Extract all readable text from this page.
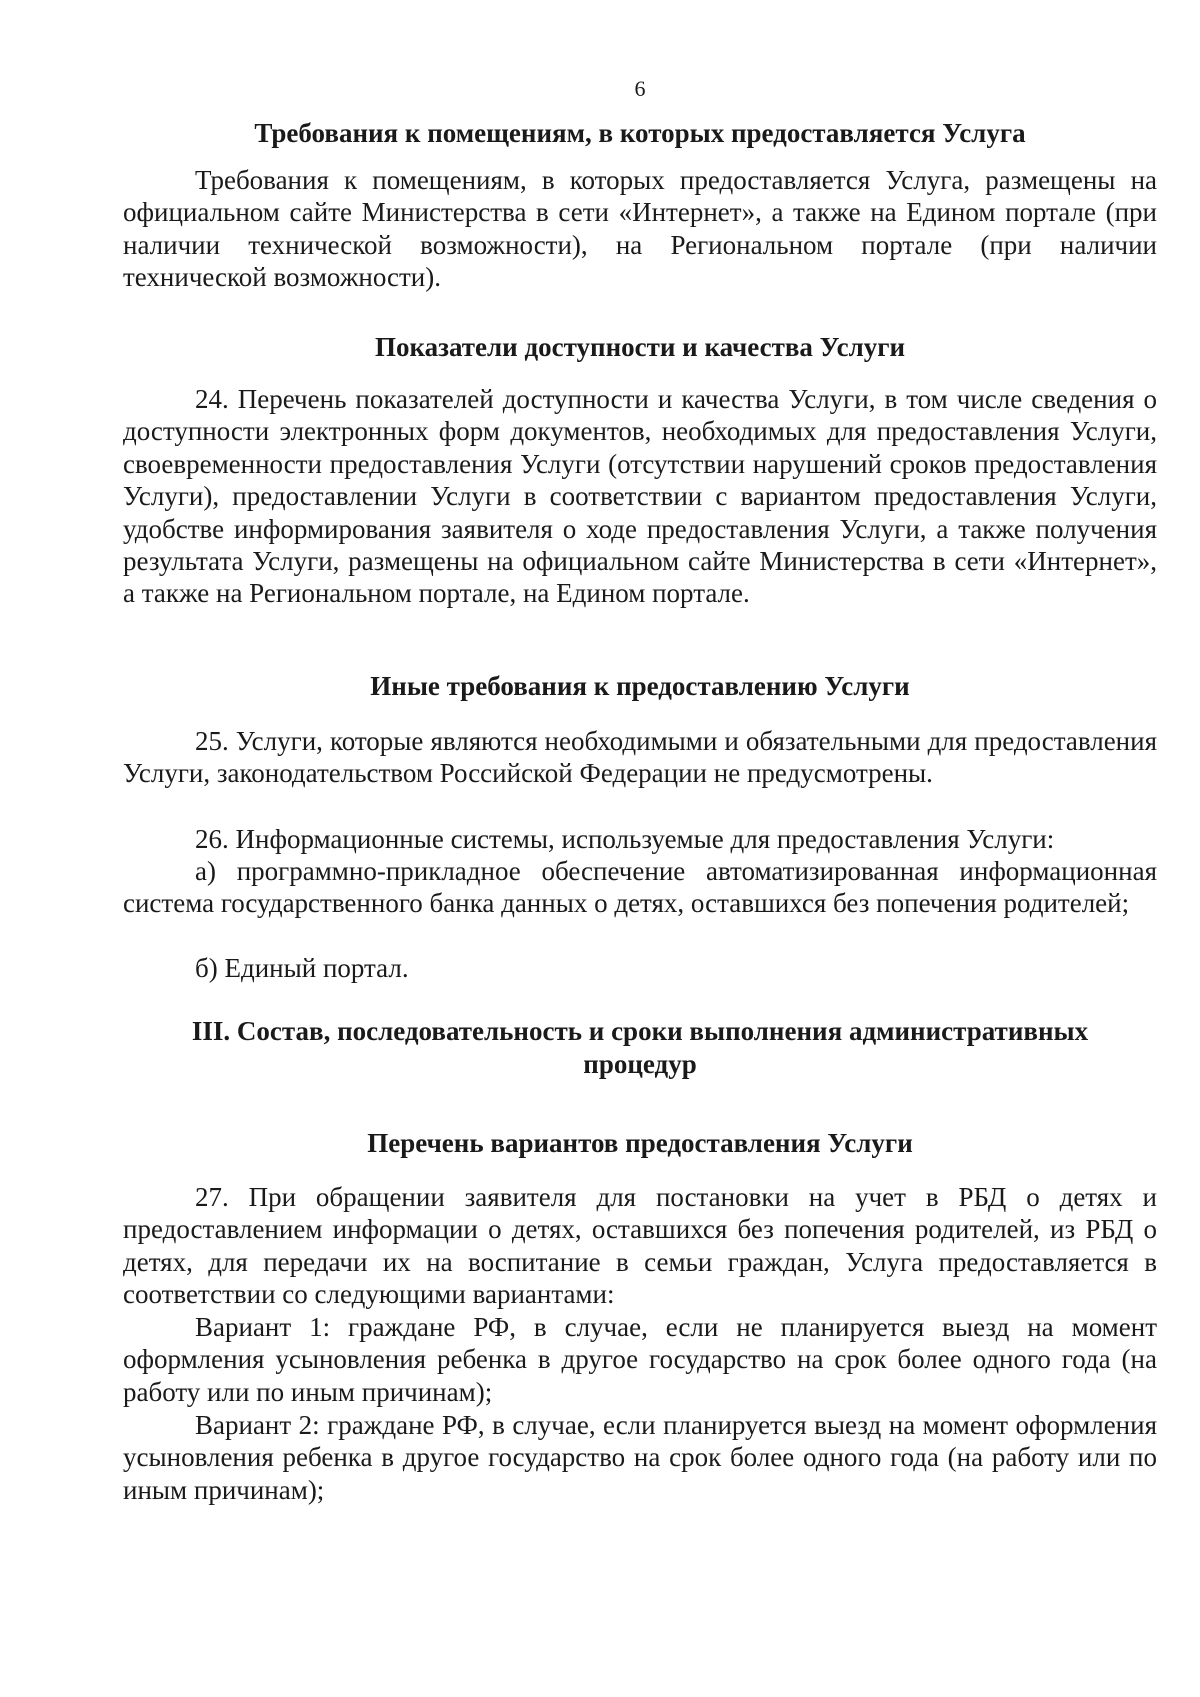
6
Требования к помещениям, в которых предоставляется Услуга

Требования к помещениям, в которых предоставляется Услуга, размещены на официальном сайте Министерства в сети «Интернет», а также на Едином портале (при наличии технической возможности), на Региональном портале (при наличии технической возможности).

Показатели доступности и качества Услуги

24. Перечень показателей доступности и качества Услуги, в том числе сведения о доступности электронных форм документов, необходимых для предоставления Услуги, своевременности предоставления Услуги (отсутствии нарушений сроков предоставления Услуги), предоставлении Услуги в соответствии с вариантом предоставления Услуги, удобстве информирования заявителя о ходе предоставления Услуги, а также получения результата Услуги, размещены на официальном сайте Министерства в сети «Интернет», а также на Региональном портале, на Едином портале.

Иные требования к предоставлению Услуги

25. Услуги, которые являются необходимыми и обязательными для предоставления Услуги, законодательством Российской Федерации не предусмотрены.

26. Информационные системы, используемые для предоставления Услуги:

а) программно-прикладное обеспечение автоматизированная информационная система государственного банка данных о детях, оставшихся без попечения родителей;

б) Единый портал.

III. Состав, последовательность и сроки выполнения административных
процедур
Перечень вариантов предоставления Услуги

27. При обращении заявителя для постановки на учет в РБД о детях и предоставлением информации о детях, оставшихся без попечения родителей, из РБД о детях, для передачи их на воспитание в семьи граждан, Услуга предоставляется в соответствии со следующими вариантами:

Вариант 1: граждане РФ, в случае, если не планируется выезд на момент оформления усыновления ребенка в другое государство на срок более одного года (на работу или по иным причинам);

Вариант 2: граждане РФ, в случае, если планируется выезд на момент оформления усыновления ребенка в другое государство на срок более одного года (на работу или по иным причинам);
